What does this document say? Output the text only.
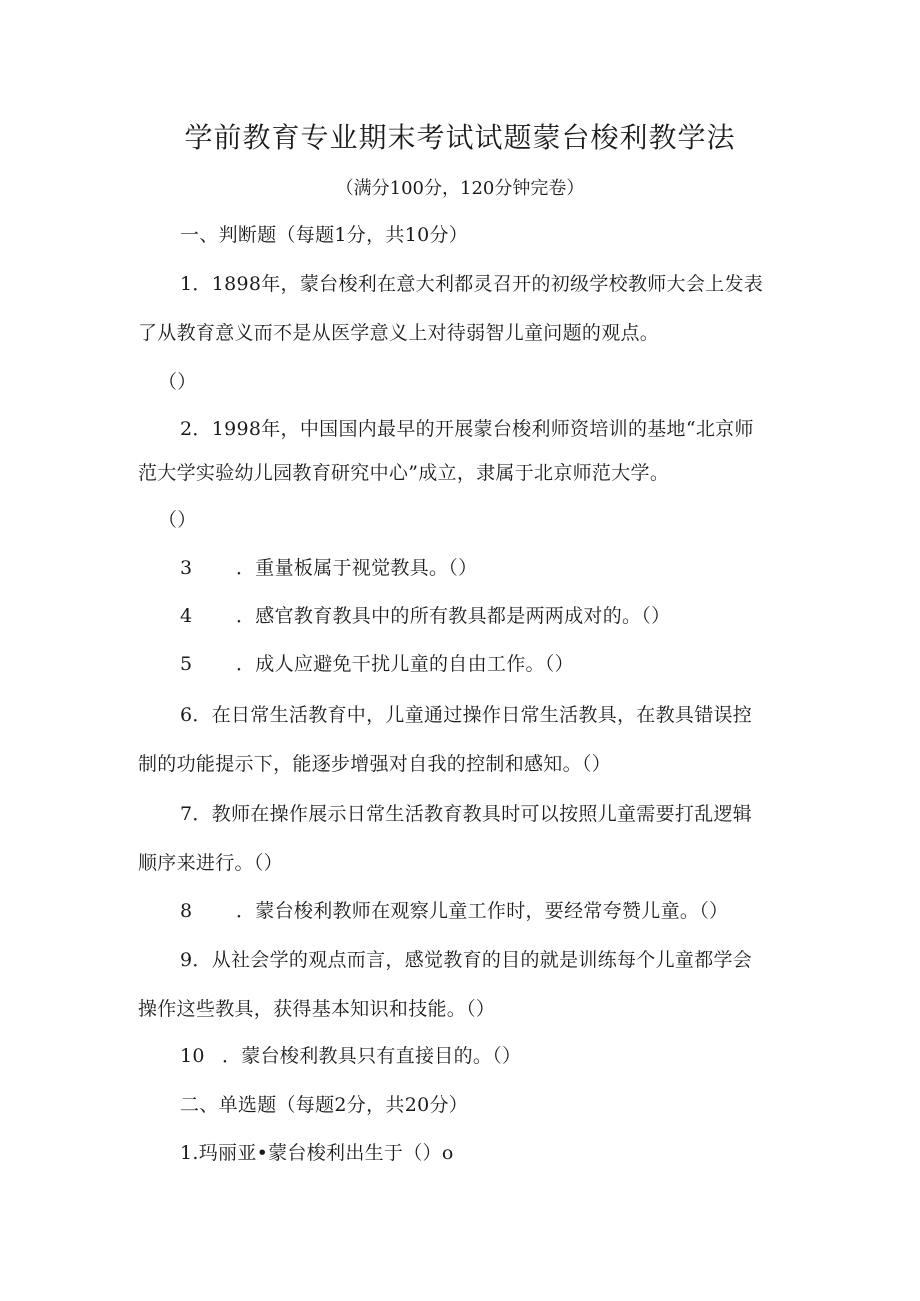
学前教育专业期末考试试题蒙台梭利教学法
（满分100分，120分钟完卷）
一、判断题（每题1分，共10分）
1．1898年，蒙台梭利在意大利都灵召开的初级学校教师大会上发表
了从教育意义而不是从医学意义上对待弱智儿童问题的观点。
（）
2．1998年，中国国内最早的开展蒙台梭利师资培训的基地“北京师
范大学实验幼儿园教育研究中心”成立，隶属于北京师范大学。
（）
3 ．重量板属于视觉教具。（）
4 ．感官教育教具中的所有教具都是两两成对的。（）
5 ．成人应避免干扰儿童的自由工作。（）
6．在日常生活教育中，儿童通过操作日常生活教具，在教具错误控
制的功能提示下，能逐步增强对自我的控制和感知。（）
7．教师在操作展示日常生活教育教具时可以按照儿童需要打乱逻辑
顺序来进行。（）
8 ．蒙台梭利教师在观察儿童工作时，要经常夸赞儿童。（）
9．从社会学的观点而言，感觉教育的目的就是训练每个儿童都学会
操作这些教具，获得基本知识和技能。（）
10 ．蒙台梭利教具只有直接目的。（）
二、单选题（每题2分，共20分）
1.玛丽亚•蒙台梭利出生于（）o
